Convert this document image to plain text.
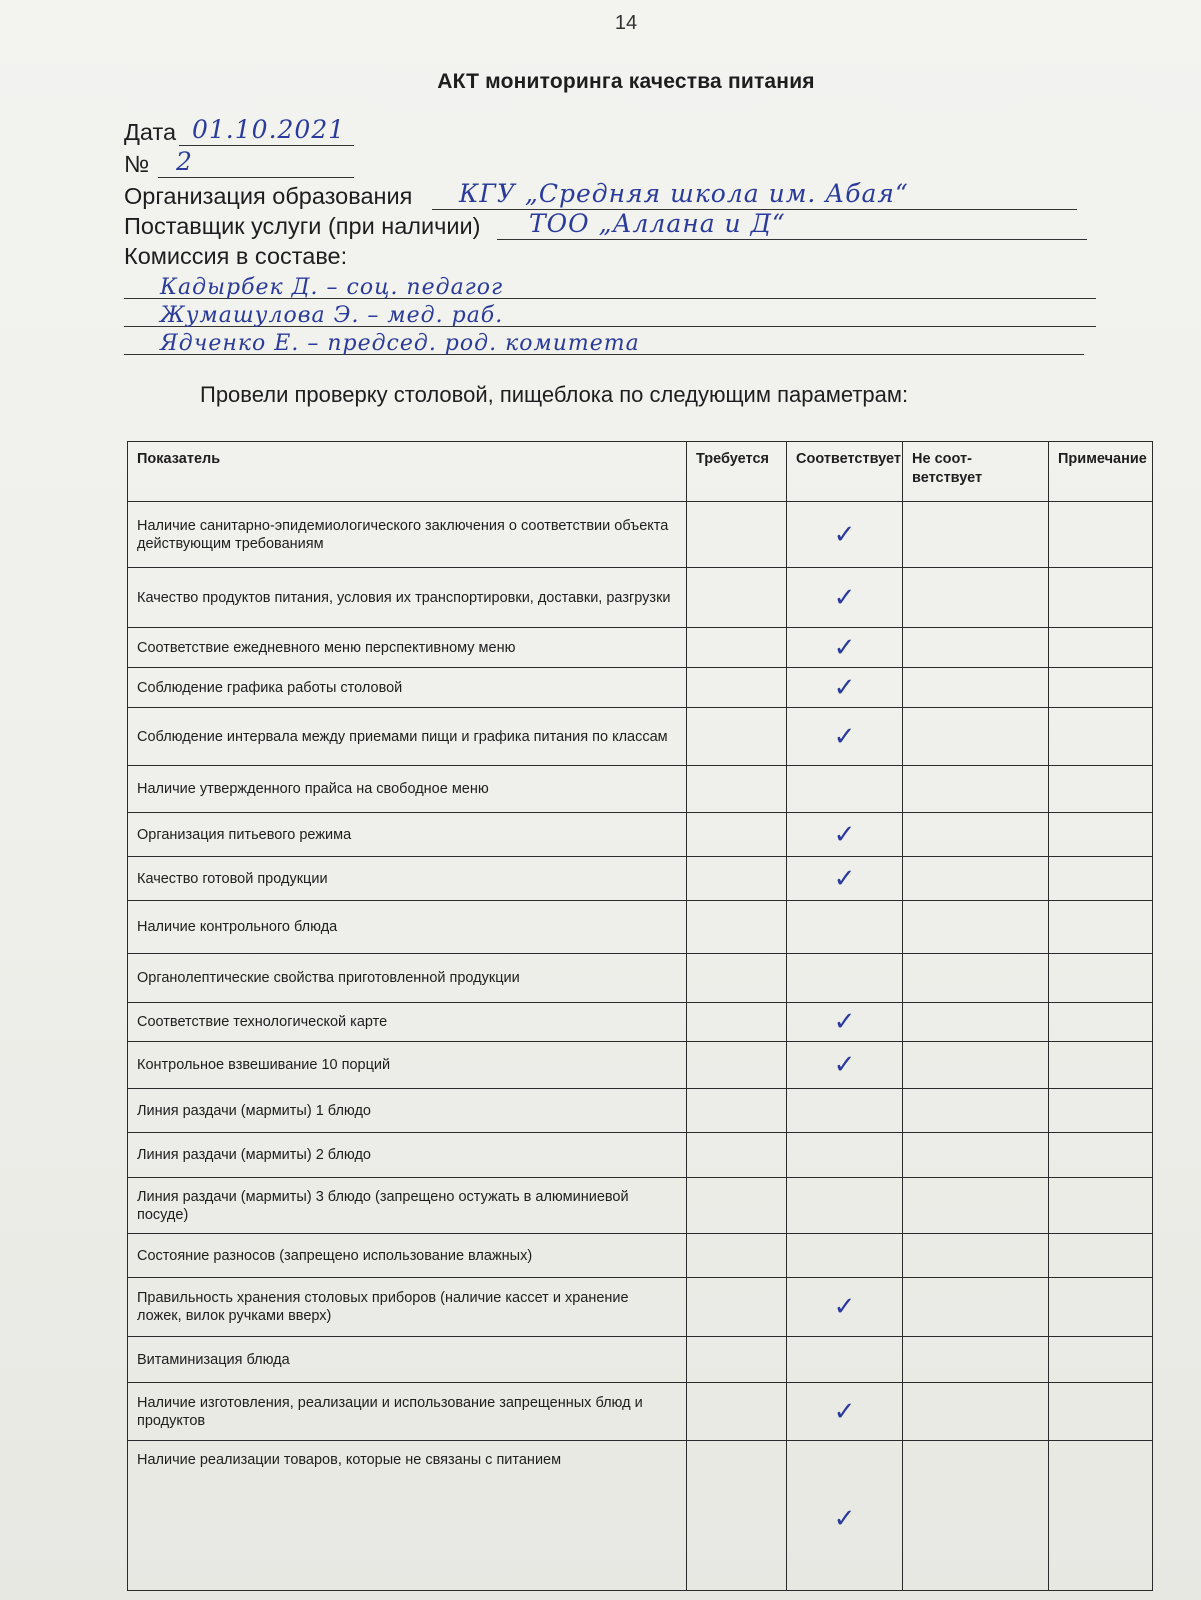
14
АКТ мониторинга качества питания
Дата 01.10.2021
№ 2
Организация образования КГУ „Средняя школа им. Абая“
Поставщик услуги (при наличии) ТОО „Аллана и Д“
Комиссия в составе:
Кадырбек Д. – соц. педагог
Жумашулова Э. – мед. раб.
Ядченко Е. – председ. род. комитета
Провели проверку столовой, пищеблока по следующим параметрам:
Показатель	Требуется	Соответствует	Не соот-ветствует	Примечание
Наличие санитарно-эпидемиологического заключения о соответствии объекта действующим требованиям		✓		
Качество продуктов питания, условия их транспортировки, доставки, разгрузки		✓		
Соответствие ежедневного меню перспективному меню		✓		
Соблюдение графика работы столовой		✓		
Соблюдение интервала между приемами пищи и графика питания по классам		✓		
Наличие утвержденного прайса на свободное меню				
Организация питьевого режима		✓		
Качество готовой продукции		✓		
Наличие контрольного блюда				
Органолептические свойства приготовленной продукции				
Соответствие технологической карте		✓		
Контрольное взвешивание 10 порций		✓		
Линия раздачи (мармиты) 1 блюдо				
Линия раздачи (мармиты) 2 блюдо				
Линия раздачи (мармиты) 3 блюдо (запрещено остужать в алюминиевой посуде)				
Состояние разносов (запрещено использование влажных)				
Правильность хранения столовых приборов (наличие кассет и хранение ложек, вилок ручками вверх)		✓		
Витаминизация блюда				
Наличие изготовления, реализации и использование запрещенных блюд и продуктов		✓		
Наличие реализации товаров, которые не связаны с питанием		✓		
